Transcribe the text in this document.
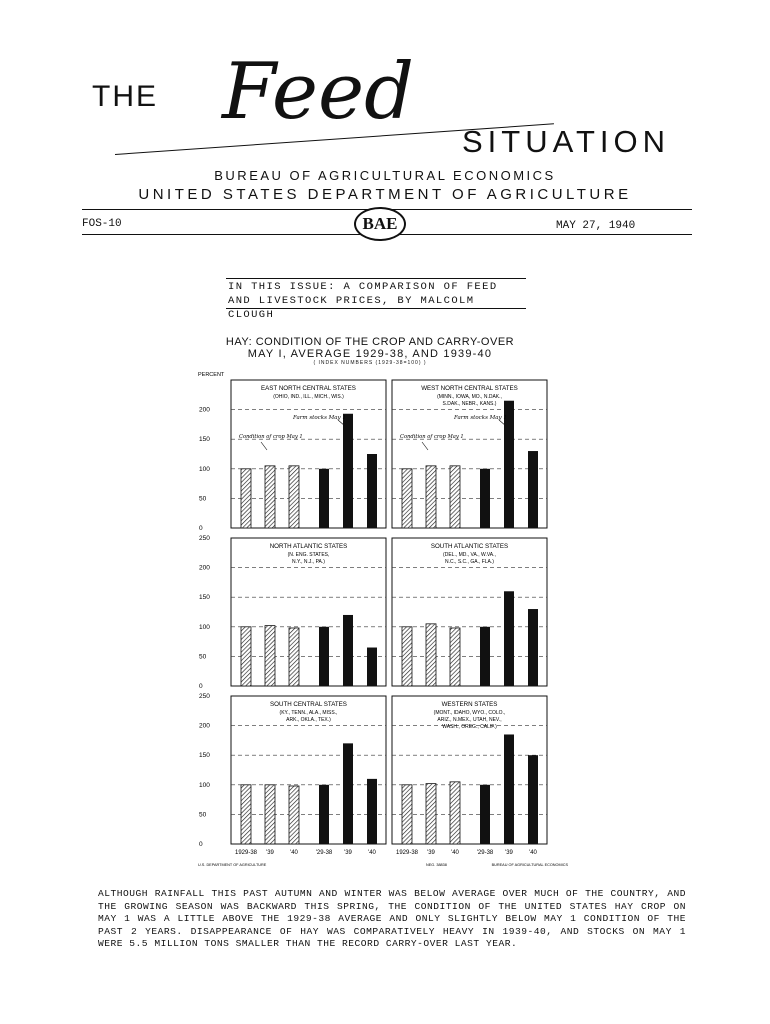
THE Feed
SITUATION
BUREAU OF AGRICULTURAL ECONOMICS
UNITED STATES DEPARTMENT OF AGRICULTURE
FOS-10	BAE	MAY 27, 1940
IN THIS ISSUE: A COMPARISON OF FEED
AND LIVESTOCK PRICES, BY MALCOLM CLOUGH
HAY: CONDITION OF THE CROP AND CARRY-OVER
MAY I, AVERAGE 1929-38, AND 1939-40
( INDEX NUMBERS (1929-38=100) )
PERCENT
0
50
100
150
200
EAST NORTH CENTRAL STATES
(OHIO, IND., ILL., MICH., WIS.)
Farm stocks May 1
Condition of crop May 1
WEST NORTH CENTRAL STATES
(MINN., IOWA, MO., N.DAK.,
S.DAK., NEBR., KANS.)
Farm stocks May 1
Condition of crop May 1
0
50
100
150
200
250
NORTH ATLANTIC STATES
(N. ENG. STATES,
N.Y., N.J., PA.)
SOUTH ATLANTIC STATES
(DEL., MD., VA., W.VA.,
N.C., S.C., GA., FLA.)
0
50
100
150
200
250
SOUTH CENTRAL STATES
(KY., TENN., ALA., MISS.,
ARK., OKLA., TEX.)
1929-38 '39	'40	'29-38 '39	'40
WESTERN STATES
(MONT., IDAHO, WYO., COLO.,
ARIZ., N.MEX., UTAH, NEV.,
WASH., OREG., CALIF.)
1929-38 '39	'40	'29-38 '39	'40
U.S. DEPARTMENT OF AGRICULTURE	NEG. 38838	BUREAU OF AGRICULTURAL ECONOMICS
ALTHOUGH RAINFALL THIS PAST AUTUMN AND WINTER WAS BELOW AVERAGE OVER MUCH OF THE COUNTRY, AND THE GROWING SEASON WAS BACKWARD THIS SPRING, THE CONDITION OF THE UNITED STATES HAY CROP ON MAY 1 WAS A LITTLE ABOVE THE 1929-38 AVERAGE AND ONLY SLIGHTLY BELOW MAY 1 CONDITION OF THE PAST 2 YEARS. DISAPPEARANCE OF HAY WAS COMPARATIVELY HEAVY IN 1939-40, AND STOCKS ON MAY 1 WERE 5.5 MILLION TONS SMALLER THAN THE RECORD CARRY-OVER LAST YEAR.
